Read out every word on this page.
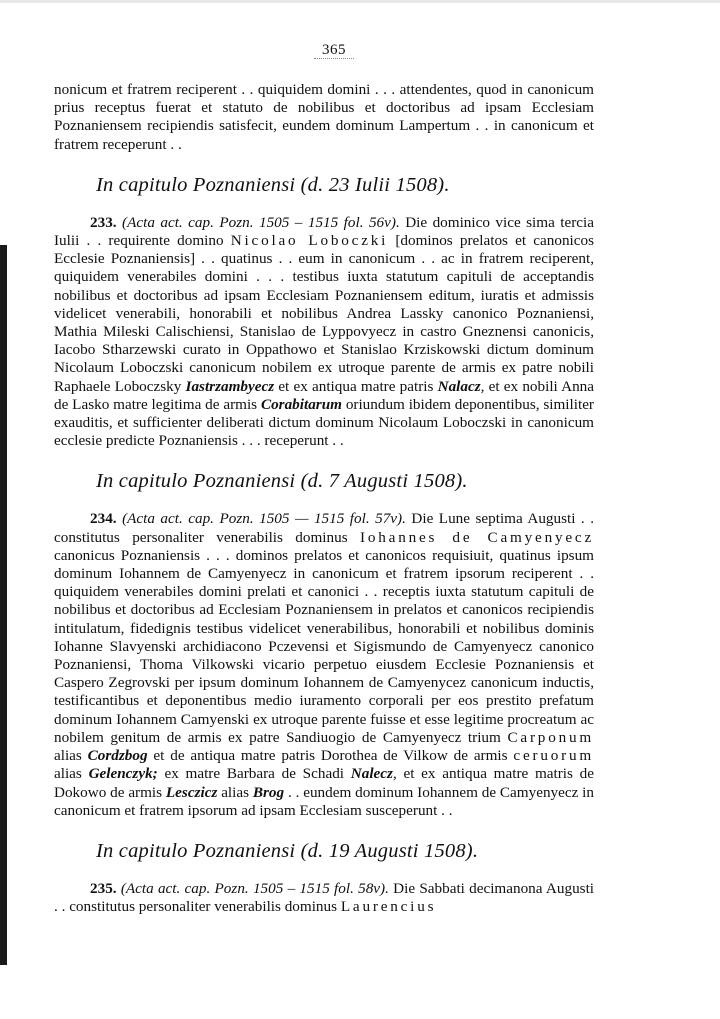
365

nonicum et fratrem reciperent . . quiquidem domini . . . attendentes, quod in canonicum prius receptus fuerat et statuto de nobilibus et doctoribus ad ipsam Ecclesiam Poznaniensem recipiendis satisfecit, eundem dominum Lampertum . . in canonicum et fratrem receperunt . .

In capitulo Poznaniensi (d. 23 Iulii 1508).

233. (Acta act. cap. Pozn. 1505 – 1515 fol. 56v). Die dominico vice sima tercia Iulii . . requirente domino Nicolao Loboczki [dominos prelatos et canonicos Ecclesie Poznaniensis] . . quatinus . . eum in canonicum . . ac in fratrem reciperent, quiquidem venerabiles domini . . . testibus iuxta statutum capituli de acceptandis nobilibus et doctoribus ad ipsam Ecclesiam Poznaniensem editum, iuratis et admissis videlicet venerabili, honorabili et nobilibus Andrea Lassky canonico Poznaniensi, Mathia Mileski Calischiensi, Stanislao de Lyppovyecz in castro Gneznensi canonicis, Iacobo Stharzewski curato in Oppathowo et Stanislao Krziskowski dictum dominum Nicolaum Loboczski canonicum nobilem ex utroque parente de armis ex patre nobili Raphaele Loboczsky Iastrzambyecz et ex antiqua matre patris Nalacz, et ex nobili Anna de Lasko matre legitima de armis Corabitarum oriundum ibidem deponentibus, similiter exauditis, et sufficienter deliberati dictum dominum Nicolaum Loboczski in canonicum ecclesie predicte Poznaniensis . . . receperunt . .

In capitulo Poznaniensi (d. 7 Augusti 1508).

234. (Acta act. cap. Pozn. 1505 — 1515 fol. 57v). Die Lune septima Augusti . . constitutus personaliter venerabilis dominus Iohannes de Camyenyecz canonicus Poznaniensis . . . dominos prelatos et canonicos requisiuit, quatinus ipsum dominum Iohannem de Camyenyecz in canonicum et fratrem ipsorum reciperent . . quiquidem venerabiles domini prelati et canonici . . receptis iuxta statutum capituli de nobilibus et doctoribus ad Ecclesiam Poznaniensem in prelatos et canonicos recipiendis intitulatum, fidedignis testibus videlicet venerabilibus, honorabili et nobilibus dominis Iohanne Slavyenski archidiacono Pczevensi et Sigismundo de Camyenyecz canonico Poznaniensi, Thoma Vilkowski vicario perpetuo eiusdem Ecclesie Poznaniensis et Caspero Zegrovski per ipsum dominum Iohannem de Camyenycez canonicum inductis, testificantibus et deponentibus medio iuramento corporali per eos prestito prefatum dominum Iohannem Camyenski ex utroque parente fuisse et esse legitime procreatum ac nobilem genitum de armis ex patre Sandiuogio de Camyenyecz trium Carponum alias Cordzbog et de antiqua matre patris Dorothea de Vilkow de armis ceruorum alias Gelenczyk; ex matre Barbara de Schadi Nalecz, et ex antiqua matre matris de Dokowo de armis Lesczicz alias Brog . . eundem dominum Iohannem de Camyenyecz in canonicum et fratrem ipsorum ad ipsam Ecclesiam susceperunt . .

In capitulo Poznaniensi (d. 19 Augusti 1508).

235. (Acta act. cap. Pozn. 1505 – 1515 fol. 58v). Die Sabbati decimanona Augusti . . constitutus personaliter venerabilis dominus Laurencius
